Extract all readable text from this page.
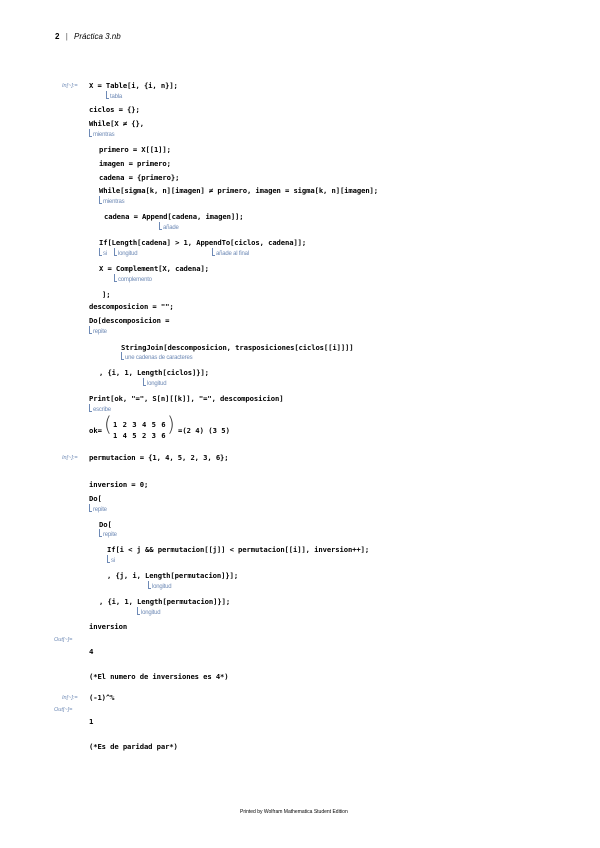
2 | Práctica 3.nb
In[~]:= X = Table[i, {i, n}];
tabla
ciclos = {};
While[X ≠ {},
mientras
primero = X[[1]];
imagen = primero;
cadena = {primero};
While[sigma[k, n][imagen] ≠ primero, imagen = sigma[k, n][imagen];
mientras
cadena = Append[cadena, imagen]];
añade
If[Length[cadena] > 1, AppendTo[ciclos, cadena]];
si	longitud	añade al final
X = Complement[X, cadena];
complemento
];
descomposicion = "";
Do[descomposicion =
repite
StringJoin[descomposicion, trasposiciones[ciclos[[i]]]]
une cadenas de caracteres
, {i, 1, Length[ciclos]}];
longitud
Print[ok, "=", S[n][[k]], "=", descomposicion]
escribe
ok= ( 1 2 3 4 5 6
1 4 5 2 3 6 ) =(2 4) (3 5)
In[~]:= permutacion = {1, 4, 5, 2, 3, 6};
inversion = 0;
Do[
repite
Do[
repite
If[i < j && permutacion[[j]] < permutacion[[i]], inversion++];
si
, {j, i, Length[permutacion]}];
longitud
, {i, 1, Length[permutacion]}];
longitud
inversion
Out[~]=
4
(*El numero de inversiones es 4*)
In[~]:= (-1)^%
Out[~]=
1
(*Es de paridad par*)
Printed by Wolfram Mathematica Student Edition
